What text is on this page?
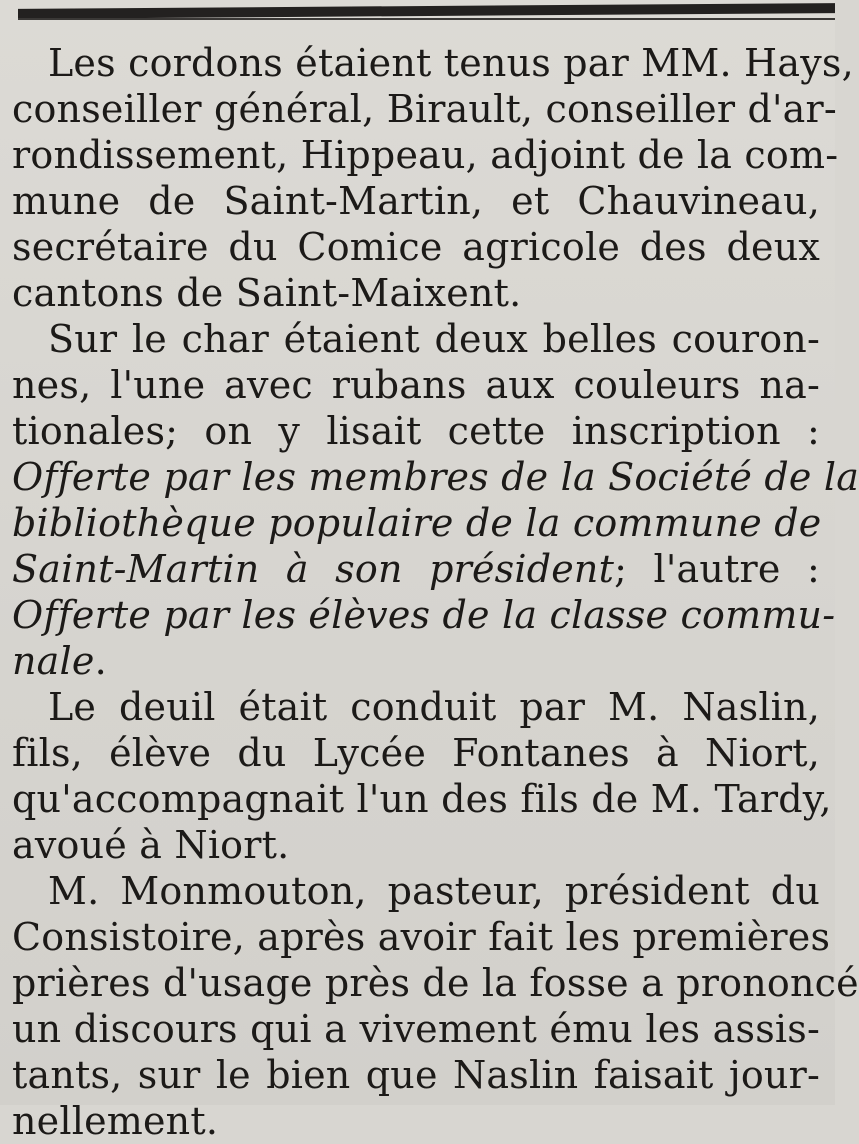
Les cordons étaient tenus par MM. Hays,
conseiller général, Birault, conseiller d'ar-
rondissement, Hippeau, adjoint de la com-
mune de Saint-Martin, et Chauvineau,
secrétaire du Comice agricole des deux
cantons de Saint-Maixent.
Sur le char étaient deux belles couron-
nes, l'une avec rubans aux couleurs na-
tionales; on y lisait cette inscription :
Offerte par les membres de la Société de la
bibliothèque populaire de la commune de
Saint-Martin à son président; l'autre :
Offerte par les élèves de la classe commu-
nale.
Le deuil était conduit par M. Naslin,
fils, élève du Lycée Fontanes à Niort,
qu'accompagnait l'un des fils de M. Tardy,
avoué à Niort.
M. Monmouton, pasteur, président du
Consistoire, après avoir fait les premières
prières d'usage près de la fosse a prononcé
un discours qui a vivement ému les assis-
tants, sur le bien que Naslin faisait jour-
nellement.
